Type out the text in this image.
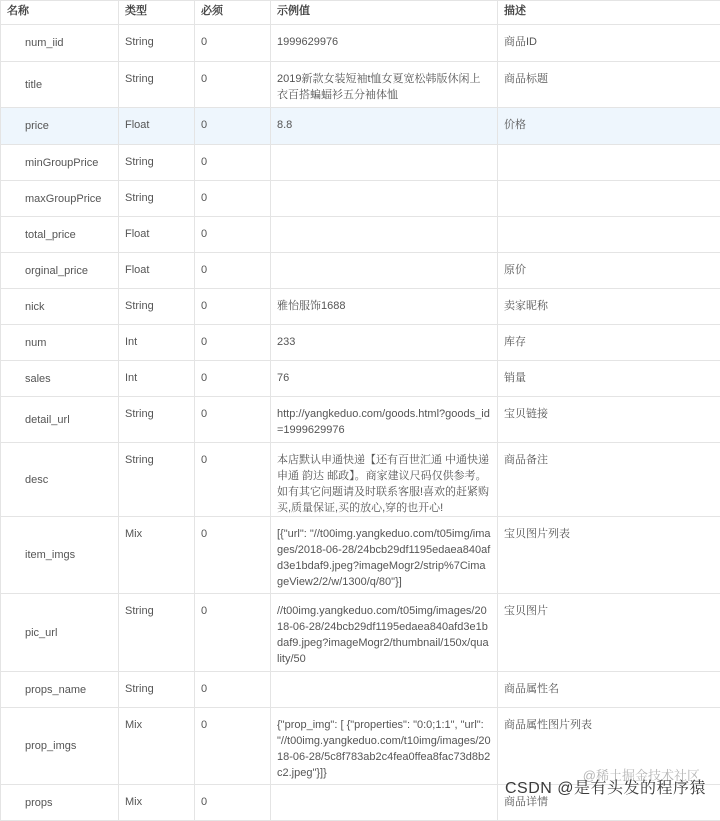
名称	类型	必须	示例值	描述
num_iid	String	0	1999629976	商品ID
title	String	0	2019新款女装短袖t恤女夏宽松韩版休闲上衣百搭蝙蝠衫五分袖体恤	商品标题
price	Float	0	8.8	价格
minGroupPrice	String	0		
maxGroupPrice	String	0		
total_price	Float	0		
orginal_price	Float	0		原价
nick	String	0	雅怡服饰1688	卖家昵称
num	Int	0	233	库存
sales	Int	0	76	销量
detail_url	String	0	http://yangkeduo.com/goods.html?goods_id=1999629976	宝贝链接
desc	String	0	本店默认申通快递【还有百世汇通 中通快递 申通 韵达 邮政】。商家建议尺码仅供参考。如有其它问题请及时联系客服!喜欢的赶紧购买,质量保证,买的放心,穿的也开心!	商品备注
item_imgs	Mix	0	[{"url": "//t00img.yangkeduo.com/t05img/images/2018-06-28/24bcb29df1195edaea840afd3e1bdaf9.jpeg?imageMogr2/strip%7CimageView2/2/w/1300/q/80"}]	宝贝图片列表
pic_url	String	0	//t00img.yangkeduo.com/t05img/images/2018-06-28/24bcb29df1195edaea840afd3e1bdaf9.jpeg?imageMogr2/thumbnail/150x/quality/50	宝贝图片
props_name	String	0		商品属性名
prop_imgs	Mix	0	{"prop_img": [ {"properties": "0:0;1:1", "url": "//t00img.yangkeduo.com/t10img/images/2018-06-28/5c8f783ab2c4fea0ffea8fac73d8b2c2.jpeg"}]}	商品属性图片列表
props	Mix	0		商品详情
@稀土掘金技术社区
CSDN @是有头发的程序猿
